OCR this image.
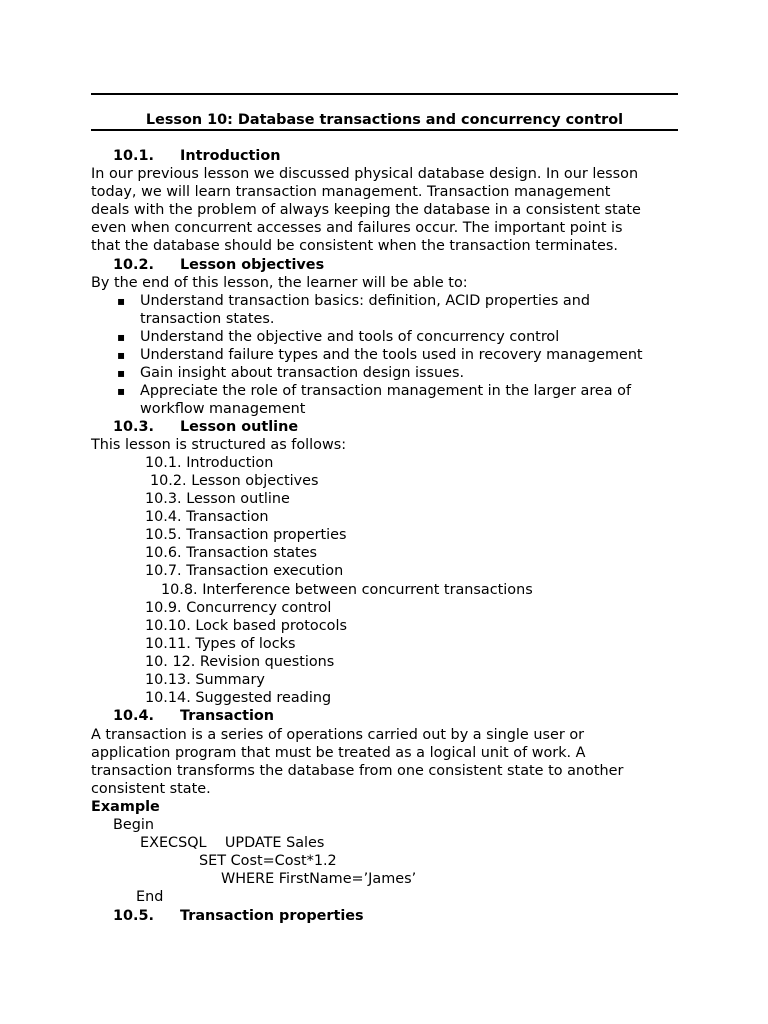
Lesson 10: Database transactions and concurrency control
10.1. Introduction
In our previous lesson we discussed physical database design. In our lesson
today, we will learn transaction management. Transaction management
deals with the problem of always keeping the database in a consistent state
even when concurrent accesses and failures occur. The important point is
that the database should be consistent when the transaction terminates.
10.2. Lesson objectives
By the end of this lesson, the learner will be able to:
▪ Understand transaction basics: definition, ACID properties and
transaction states.
▪ Understand the objective and tools of concurrency control
▪ Understand failure types and the tools used in recovery management
▪ Gain insight about transaction design issues.
▪ Appreciate the role of transaction management in the larger area of
workflow management
10.3. Lesson outline
This lesson is structured as follows:
10.1. Introduction
10.2. Lesson objectives
10.3. Lesson outline
10.4. Transaction
10.5. Transaction properties
10.6. Transaction states
10.7. Transaction execution
10.8. Interference between concurrent transactions
10.9. Concurrency control
10.10. Lock based protocols
10.11. Types of locks
10. 12. Revision questions
10.13. Summary
10.14. Suggested reading
10.4. Transaction
A transaction is a series of operations carried out by a single user or
application program that must be treated as a logical unit of work. A
transaction transforms the database from one consistent state to another
consistent state.
Example
Begin
EXECSQL    UPDATE Sales
SET Cost=Cost*1.2
WHERE FirstName=’James’
End
10.5. Transaction properties
